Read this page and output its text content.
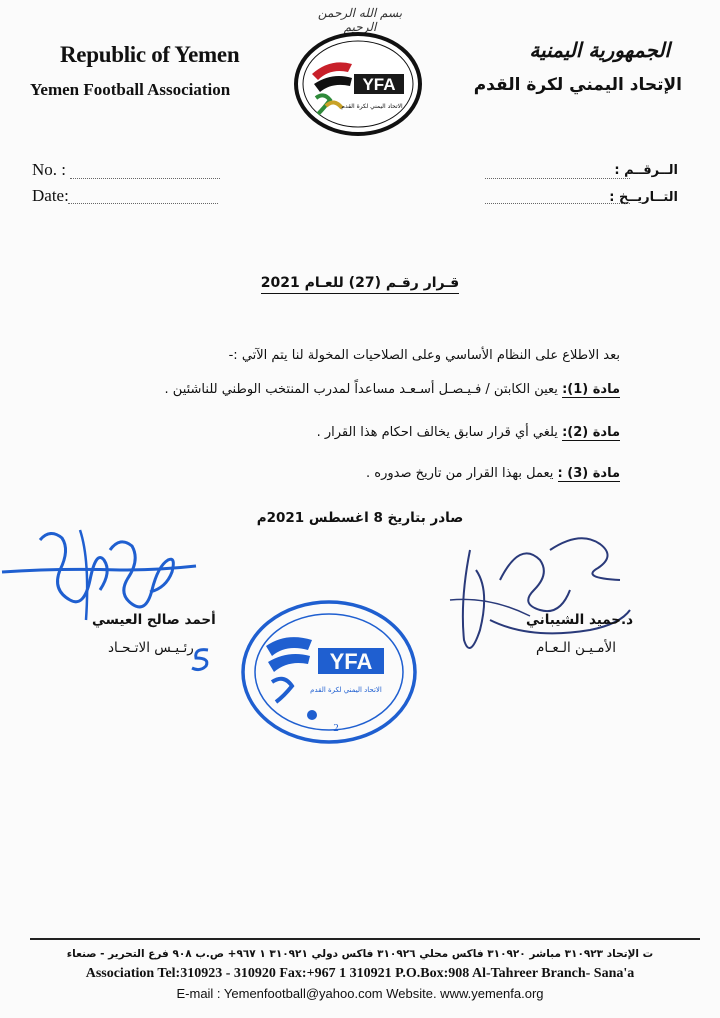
بسم الله الرحمن الرحيم
Republic of Yemen
Yemen Football Association
الجمهورية اليمنية
الإتحاد اليمني لكرة القدم
YFA
الاتحاد اليمني لكرة القدم
No. :
Date:
الــرقــم :
التــاريــخ :
قـرار رقـم (27) للعـام 2021
بعد الاطلاع على النظام الأساسي وعلى الصلاحيات المخولة لنا يتم الآتي :-
مادة (1): يعين الكابتن / فـيـصـل أسـعـد مساعداً لمدرب المنتخب الوطني للناشئين .
مادة (2): يلغي أي قرار سابق يخالف احكام هذا القرار .
مادة (3) : يعمل بهذا القرار من تاريخ صدوره .
صادر بتاريخ 8 اغسطس 2021م
أحمد صالح العيسي
رئـيـس الاتـحـاد
د.حميد الشيباني
الأمـيـن الـعـام
YFA
الاتحاد اليمني لكرة القدم
2
ت الإتحاد ٣١٠٩٢٣ مباشر ٣١٠٩٢٠ فاكس محلي ٣١٠٩٢٦ فاكس دولي ٣١٠٩٢١ ١ ٩٦٧+ ص.ب ٩٠٨ فرع التحرير - صنعاء
Association Tel:310923 - 310920 Fax:+967 1 310921 P.O.Box:908 Al-Tahreer Branch- Sana'a
E-mail : Yemenfootball@yahoo.com Website. www.yemenfa.org
